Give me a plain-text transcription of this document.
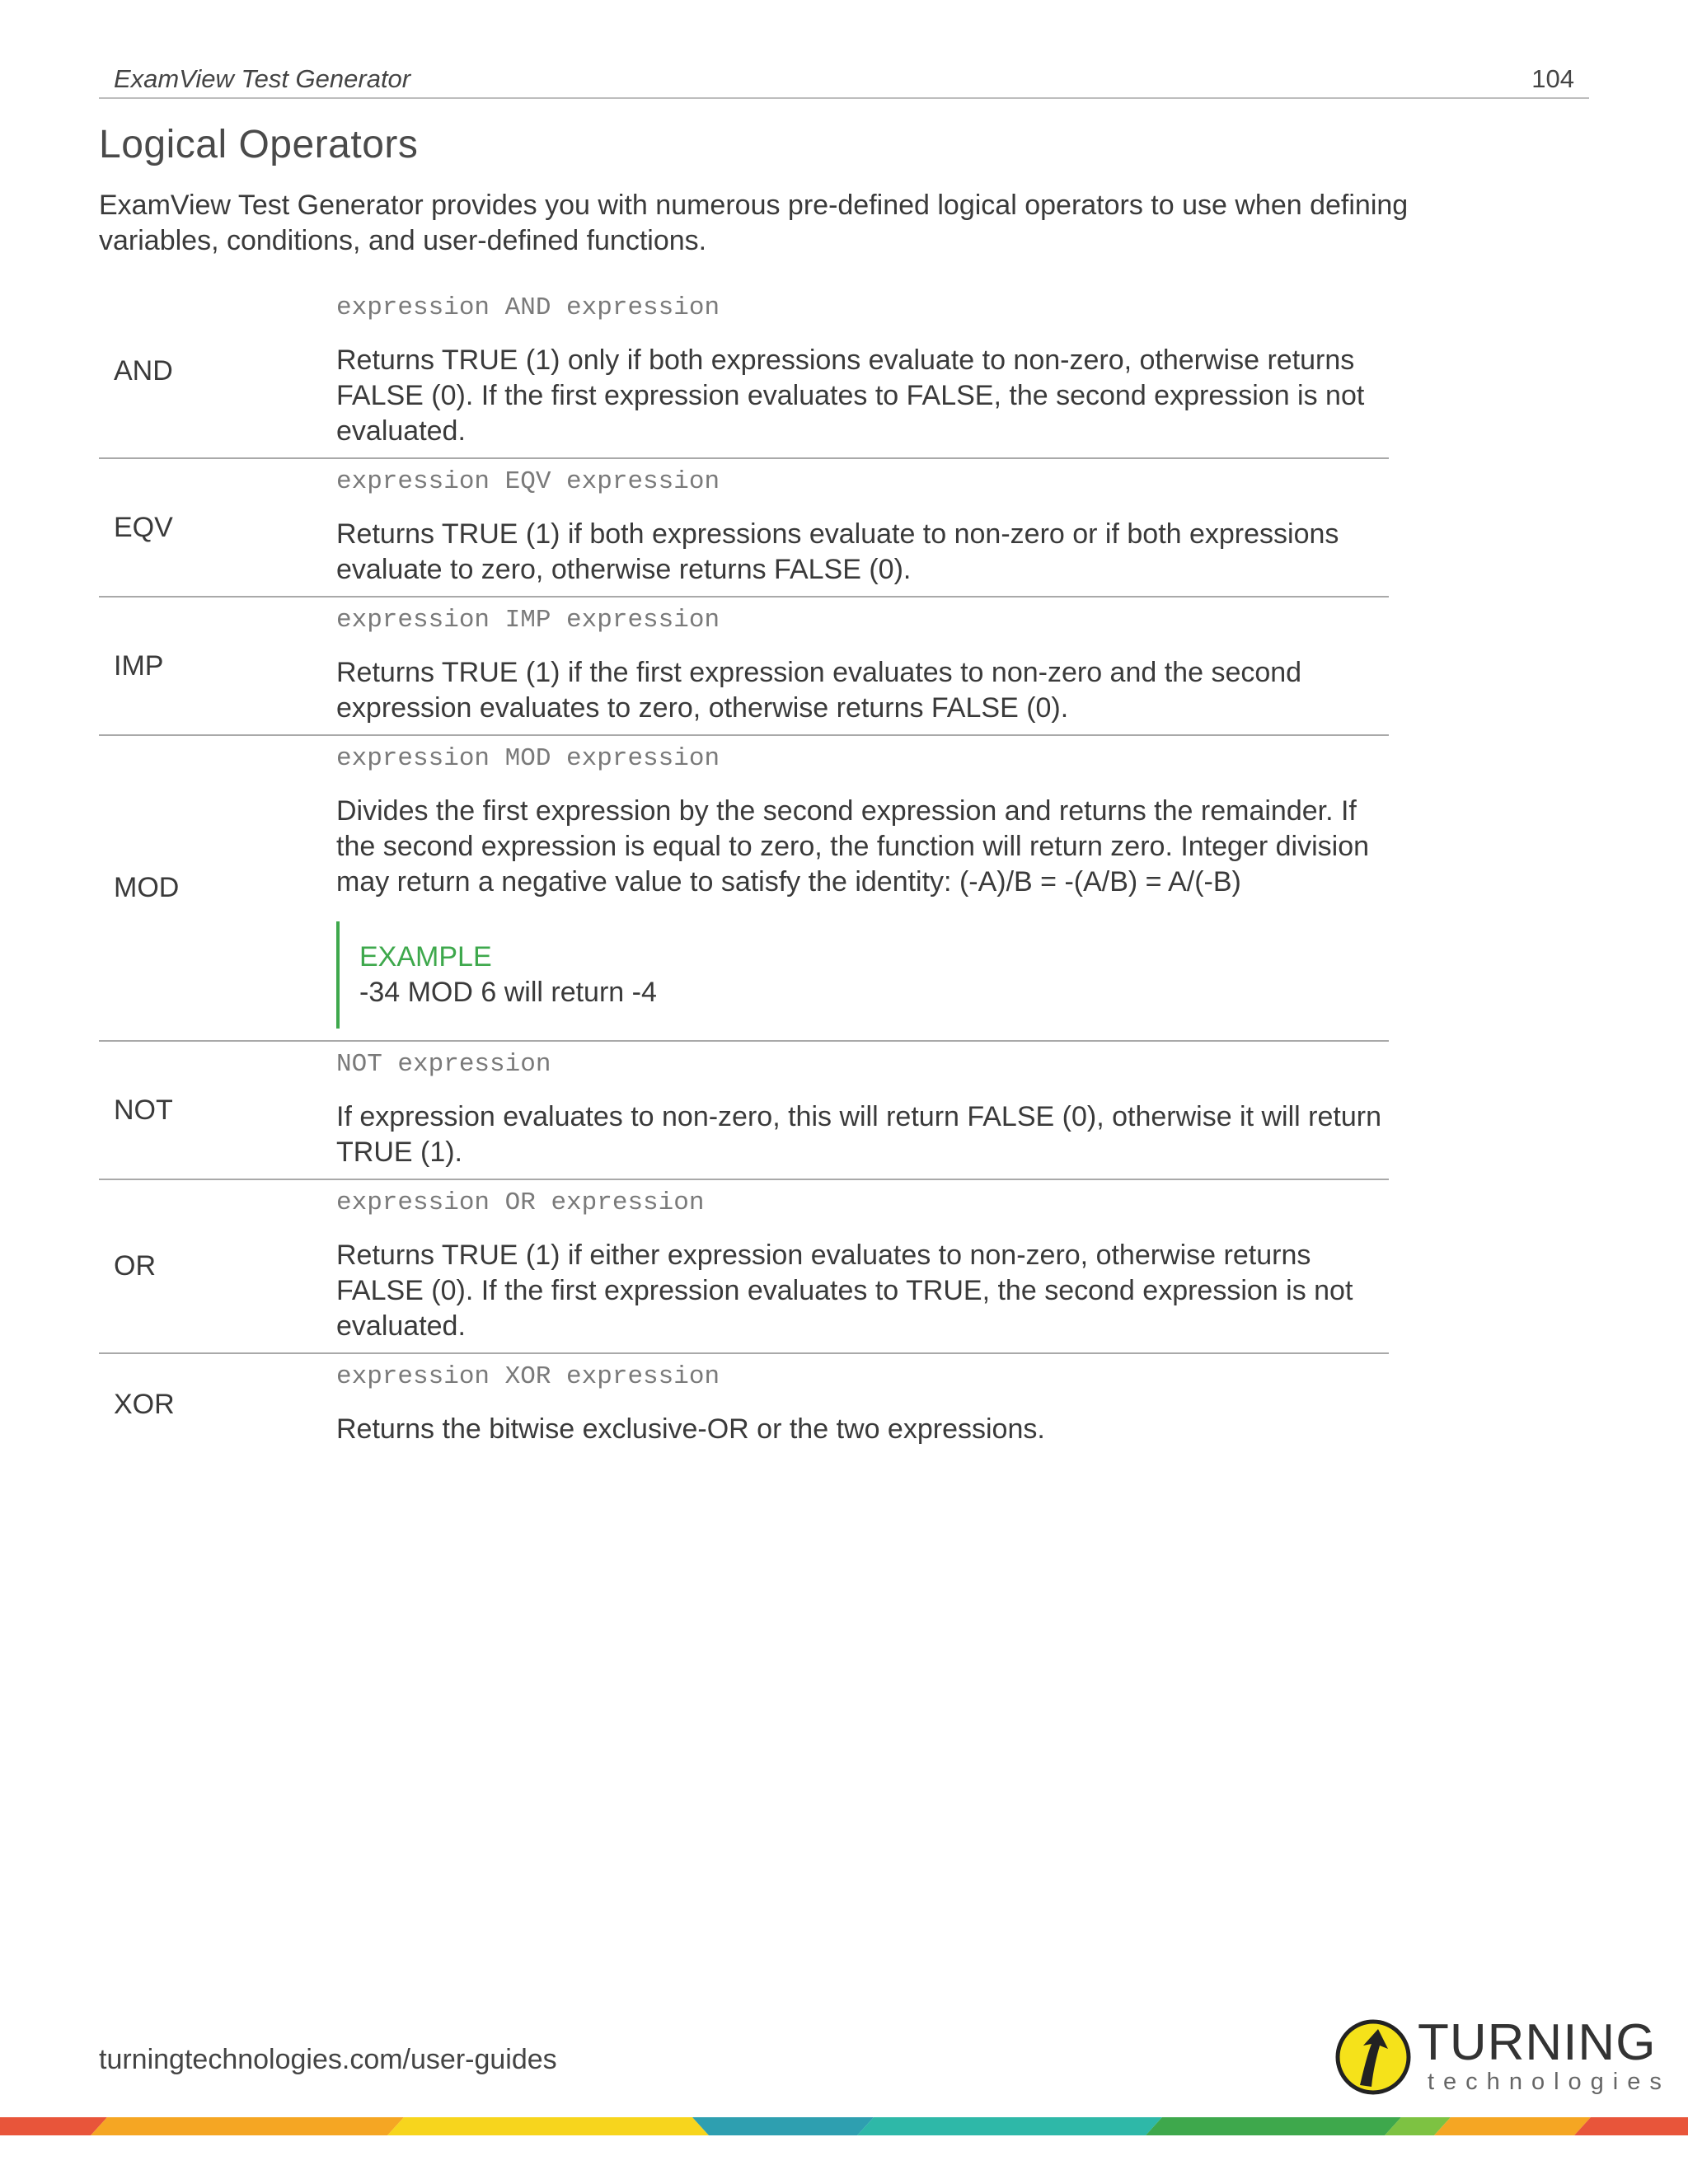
ExamView Test Generator	104
Logical Operators

ExamView Test Generator provides you with numerous pre-defined logical operators to use when defining variables, conditions, and user-defined functions.

AND	expression AND expression

Returns TRUE (1) only if both expressions evaluate to non-zero, otherwise returns FALSE (0). If the first expression evaluates to FALSE, the second expression is not evaluated.

EQV	expression EQV expression

Returns TRUE (1) if both expressions evaluate to non-zero or if both expressions evaluate to zero, otherwise returns FALSE (0).

IMP	expression IMP expression

Returns TRUE (1) if the first expression evaluates to non-zero and the second expression evaluates to zero, otherwise returns FALSE (0).

MOD	expression MOD expression

Divides the first expression by the second expression and returns the remainder. If the second expression is equal to zero, the function will return zero. Integer division may return a negative value to satisfy the identity: (-A)/B = -(A/B) = A/(-B)

EXAMPLE
-34 MOD 6 will return -4

NOT	NOT expression

If expression evaluates to non-zero, this will return FALSE (0), otherwise it will return TRUE (1).

OR	expression OR expression

Returns TRUE (1) if either expression evaluates to non-zero, otherwise returns FALSE (0). If the first expression evaluates to TRUE, the second expression is not evaluated.

XOR	expression XOR expression

Returns the bitwise exclusive-OR or the two expressions.

turningtechnologies.com/user-guides	TURNING
technologies
